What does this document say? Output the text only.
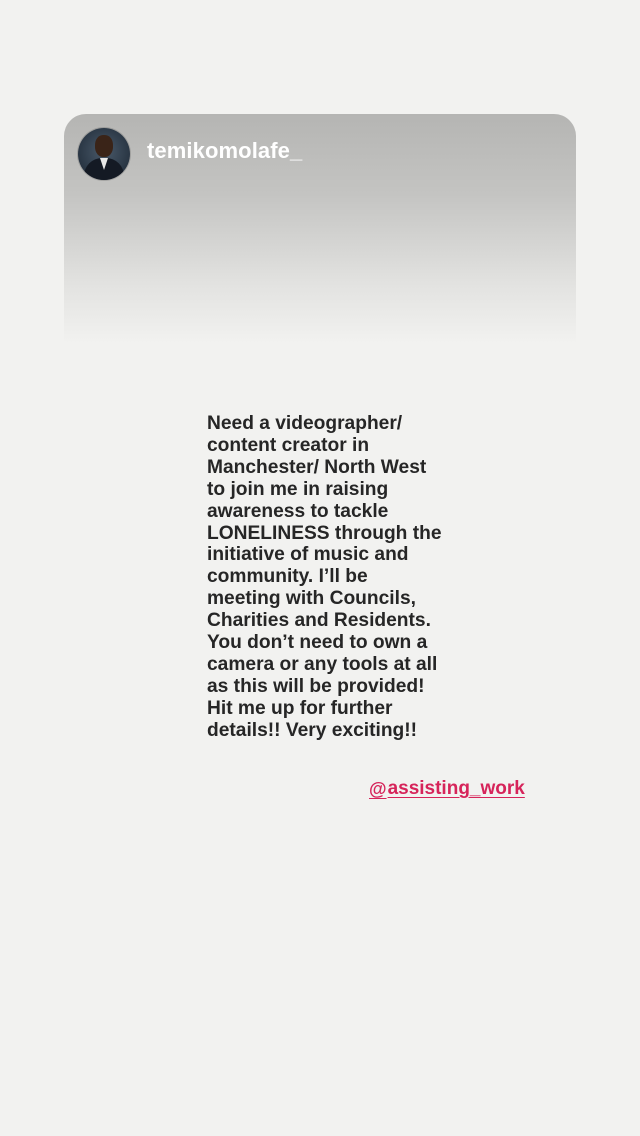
temikomolafe_

Need a videographer/
content creator in
Manchester/ North West
to join me in raising
awareness to tackle
LONELINESS through the
initiative of music and
community. I’ll be
meeting with Councils,
Charities and Residents.
You don’t need to own a
camera or any tools at all
as this will be provided!
Hit me up for further
details!! Very exciting!!

@ assisting_work
